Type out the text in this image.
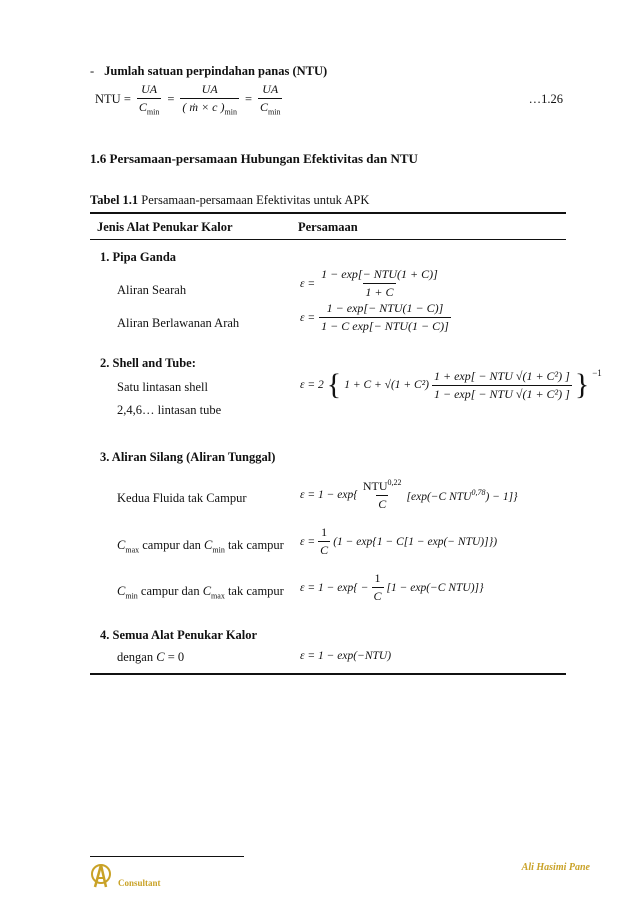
- Jumlah satuan perpindahan panas (NTU)
NTU = $\frac{UA}{C_{min}} = \frac{UA}{( ṁ \times c )_{min}} = \frac{UA}{C_{min}}$	…1.26
1.6 Persamaan-persamaan Hubungan Efektivitas dan NTU
Tabel 1.1 Persamaan-persamaan Efektivitas untuk APK
Jenis Alat Penukar Kalor	Persamaan
1. Pipa Ganda
Aliran Searah	$\varepsilon = \frac{\text{1 − exp[− NTU(1 + C)]}}{1 + C}$
Aliran Berlawanan Arah	$\varepsilon = \frac{\text{1 − exp[− NTU(1 − C)]}}{\text{1 − C exp[− NTU(1 − C)]}}$
2. Shell and Tube:
Satu lintasan shell
2,4,6… lintasan tube
ε = 2 { $1 + C + √(1 + C^2) \frac{\text{1 + exp[ − NTU √(1 + C²) ]}}{\text{1 − exp[ − NTU √(1 + C²) ]}}$ } $^{-1}$
3. Aliran Silang (Aliran Tunggal)
Kedua Fluida tak Campur	$\varepsilon = 1 - \exp\{ \frac{NTU^{0,22}}{C} [\exp(-C$ NTU$^{0,78}$) − 1]}
$C_{max}$ campur dan $C_{min}$ tak campur $\varepsilon = \frac{1}{C} (1 - \exp\{1 - C[1 - \exp(- NTU)]\})$
$C_{min}$ campur dan $C_{max}$ tak campur $\varepsilon = 1 - \exp\{ - \frac{1}{C} [1 - \exp(-C$ NTU)]}
4. Semua Alat Penukar Kalor
dengan C = 0	ε = 1 − exp(−NTU)
Consultant
Ali Hasimi Pane
